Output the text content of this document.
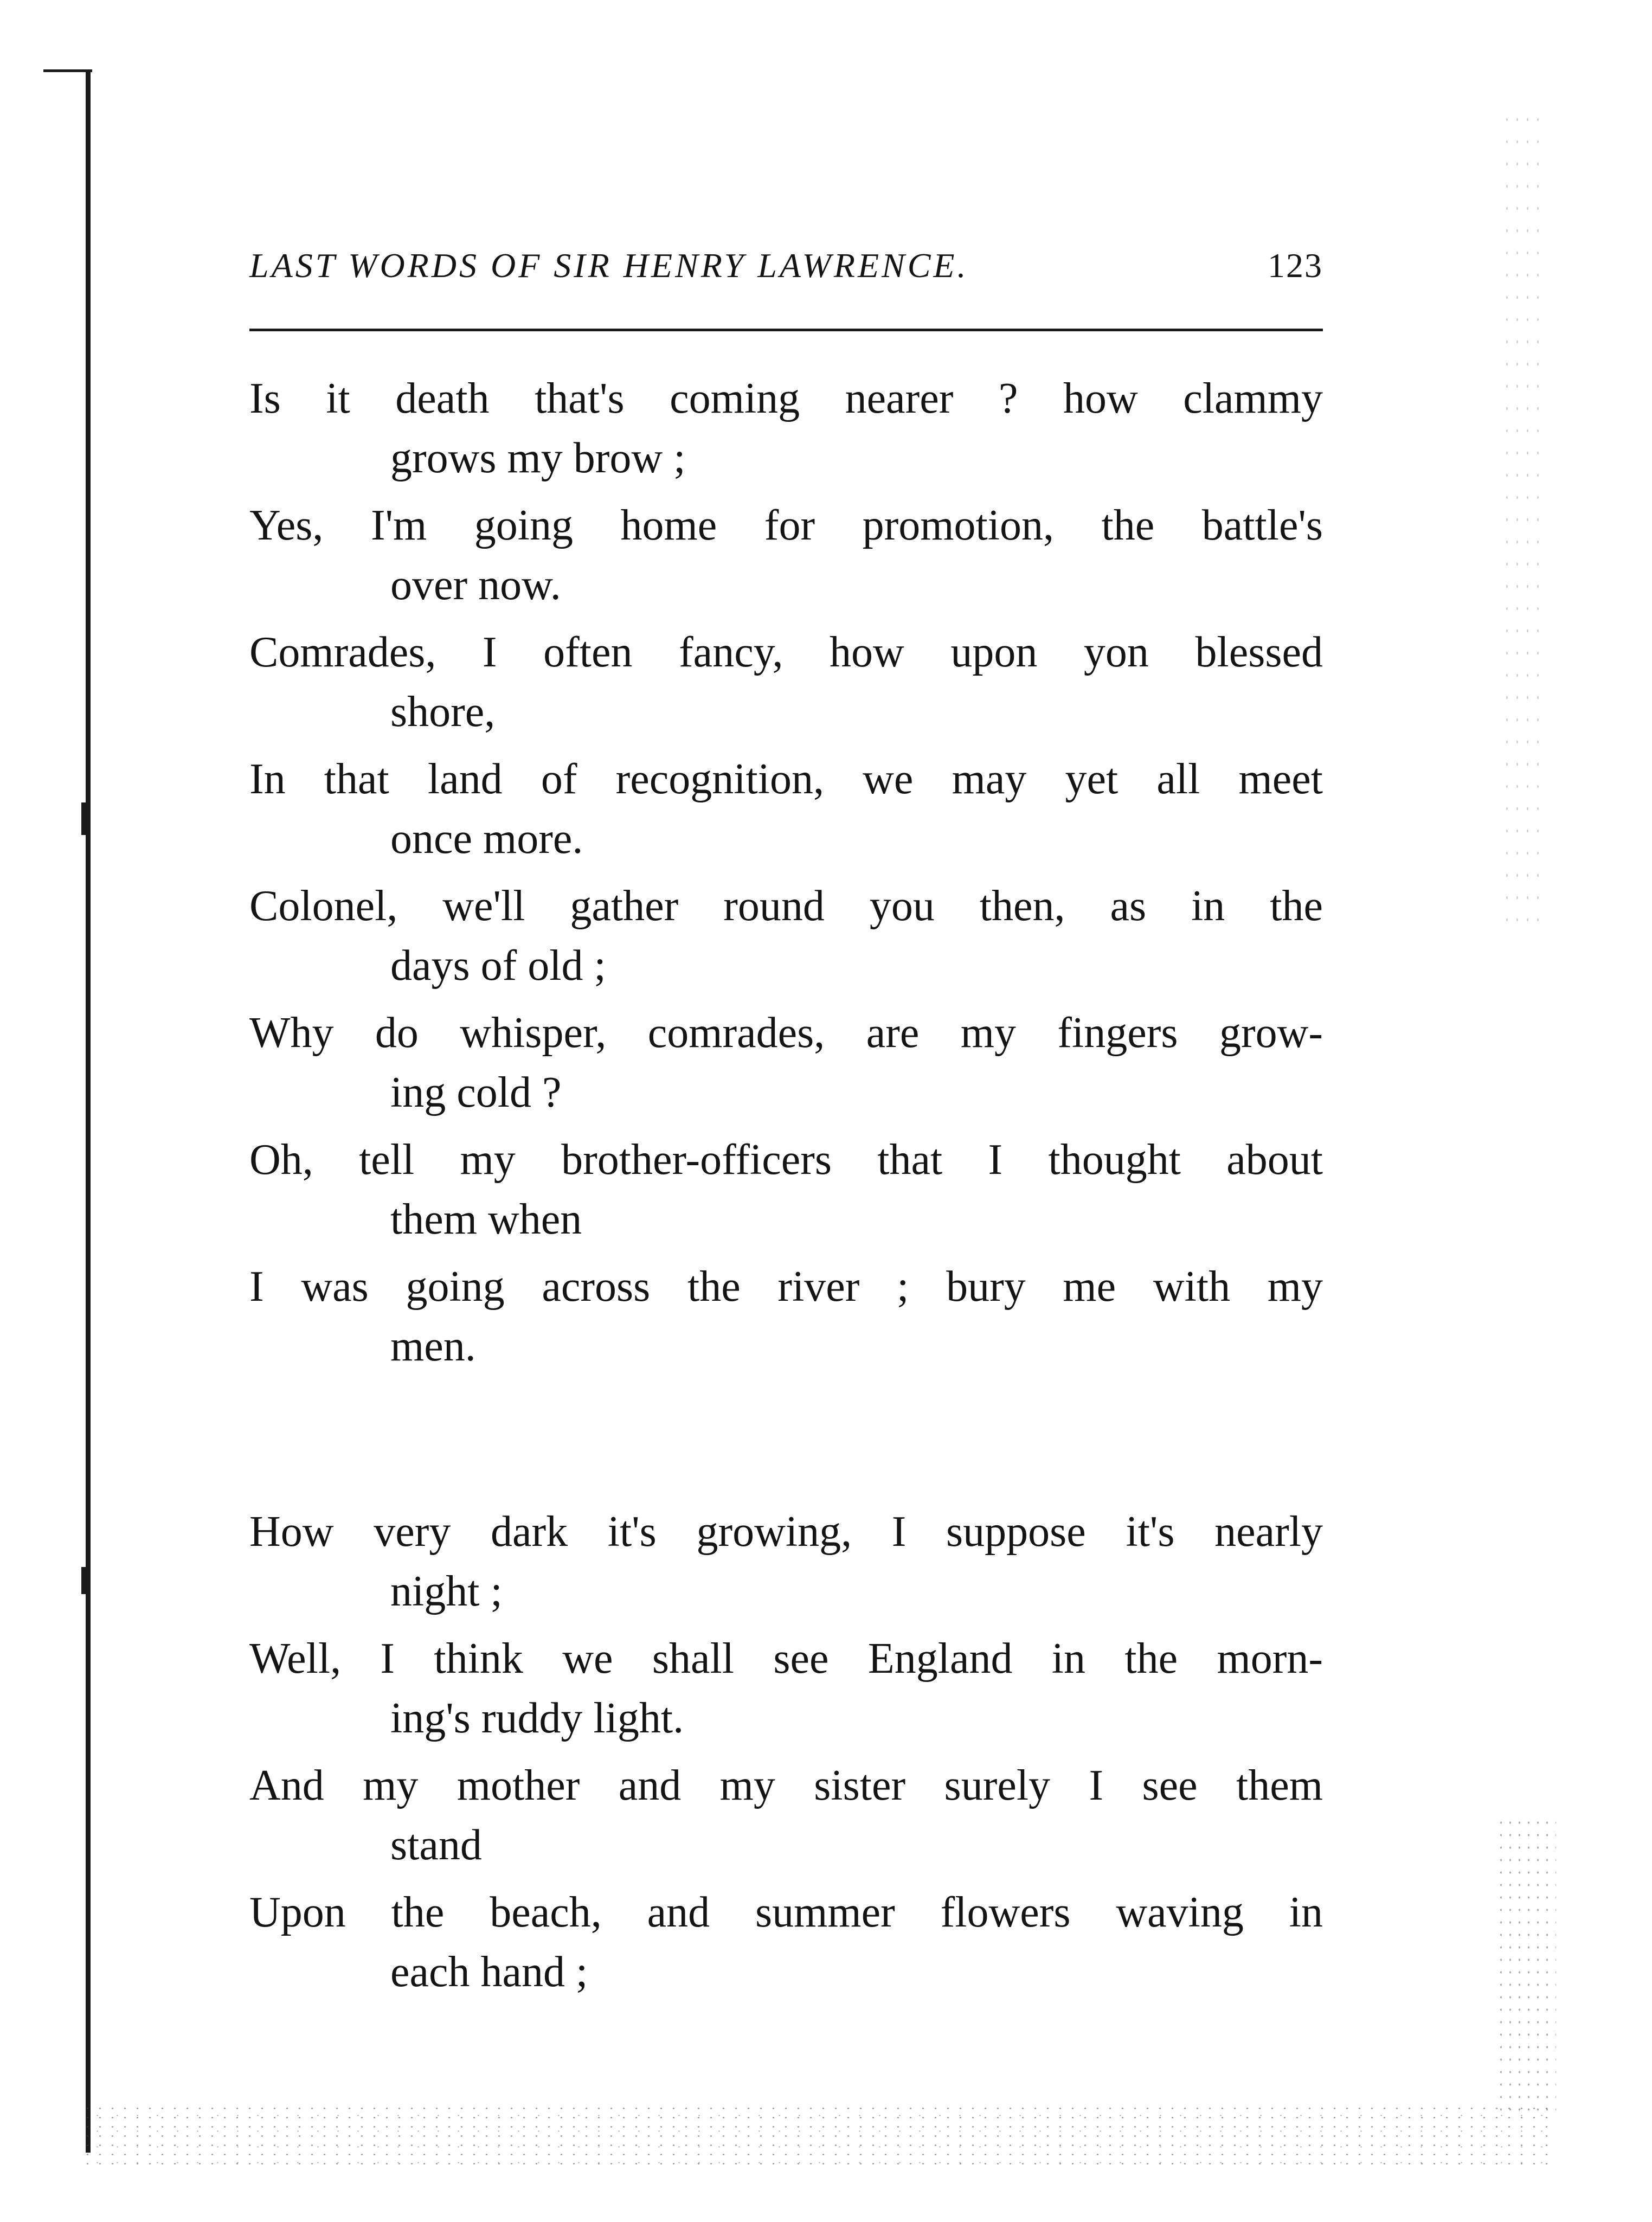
LAST WORDS OF SIR HENRY LAWRENCE.	123
Is it death that's coming nearer ? how clammy
grows my brow ;
Yes, I'm going home for promotion, the battle's
over now.
Comrades, I often fancy, how upon yon blessed
shore,
In that land of recognition, we may yet all meet
once more.
Colonel, we'll gather round you then, as in the
days of old ;
Why do whisper, comrades, are my fingers grow-
ing cold ?
Oh, tell my brother-officers that I thought about
them when
I was going across the river ; bury me with my
men.
How very dark it's growing, I suppose it's nearly
night ;
Well, I think we shall see England in the morn-
ing's ruddy light.
And my mother and my sister surely I see them
stand
Upon the beach, and summer flowers waving in
each hand ;
